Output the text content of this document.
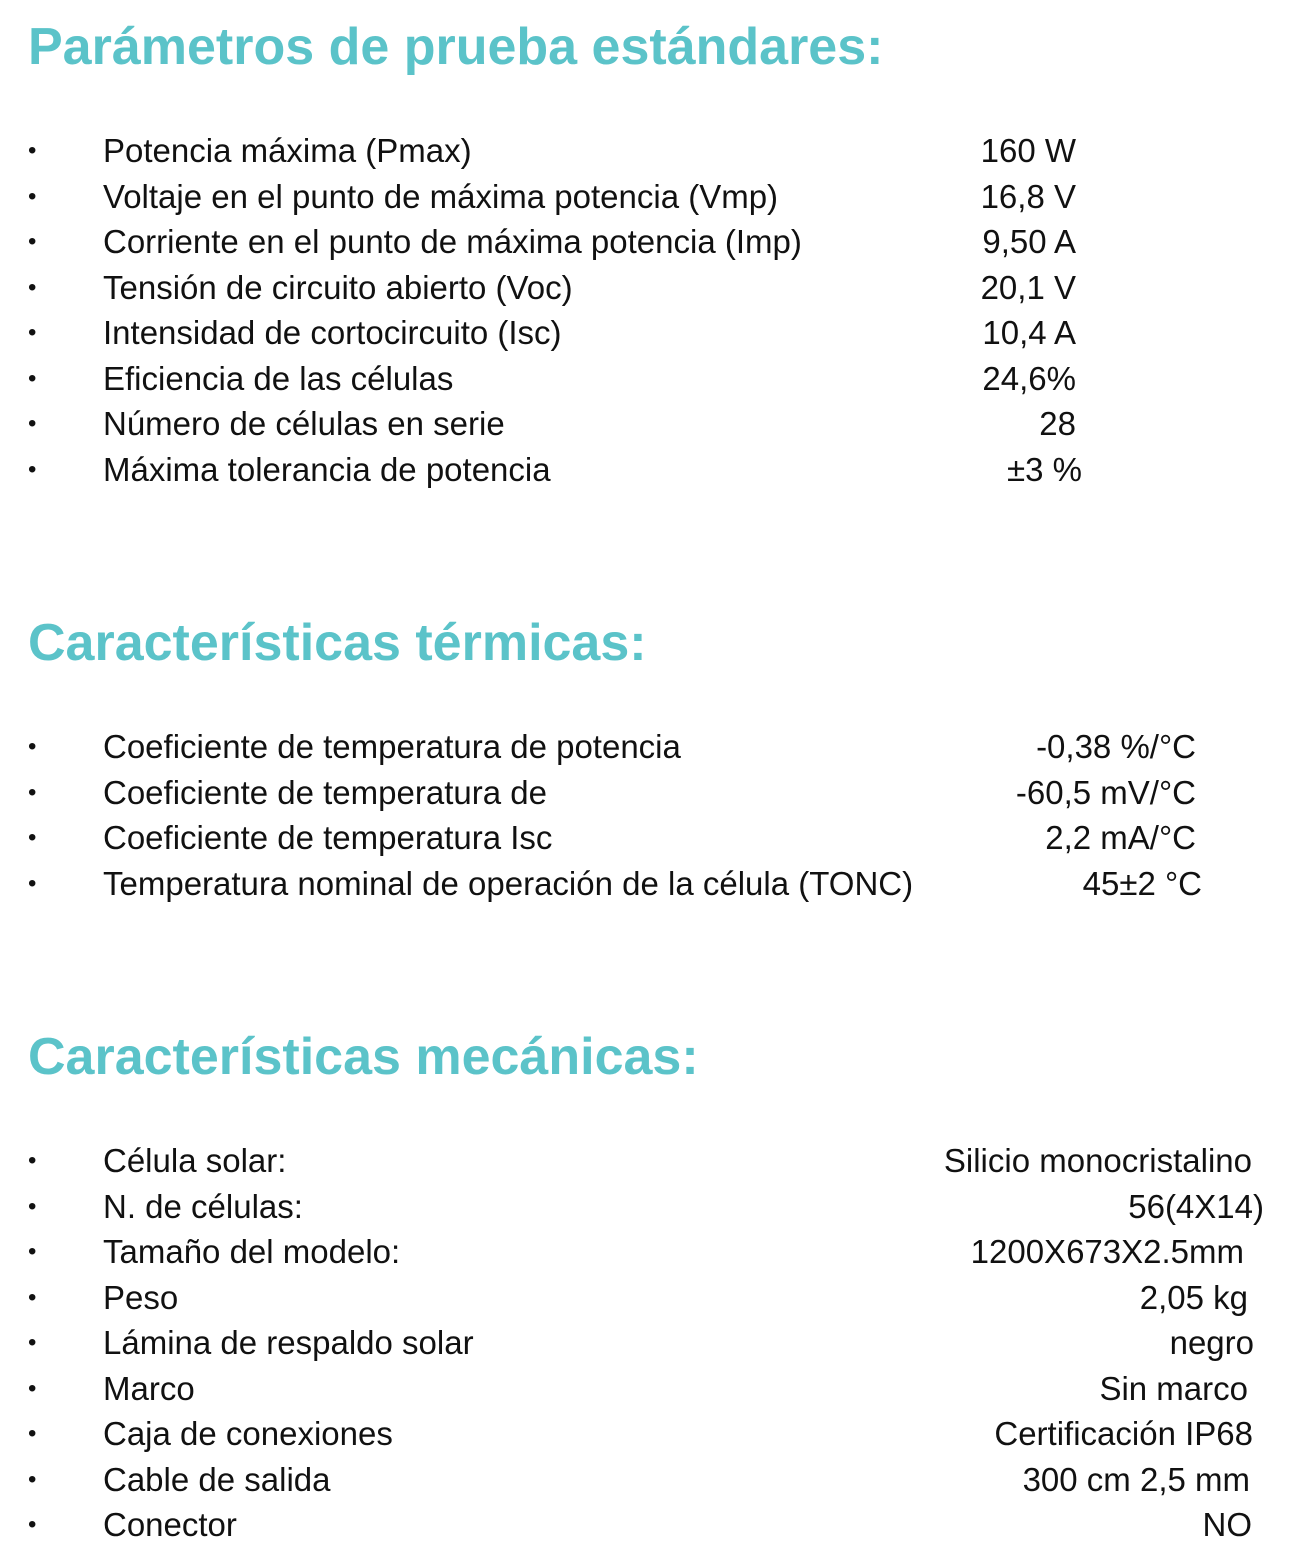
Parámetros de prueba estándares:
• Potencia máxima (Pmax)	160 W
• Voltaje en el punto de máxima potencia (Vmp)	16,8 V
• Corriente en el punto de máxima potencia (Imp)	9,50 A
• Tensión de circuito abierto (Voc)	20,1 V
• Intensidad de cortocircuito (Isc)	10,4 A
• Eficiencia de las células	24,6%
• Número de células en serie	28
• Máxima tolerancia de potencia	±3 %
Características térmicas:
• Coeficiente de temperatura de potencia	-0,38 %/°C
• Coeficiente de temperatura de	-60,5 mV/°C
• Coeficiente de temperatura Isc	2,2 mA/°C
• Temperatura nominal de operación de la célula (TONC)	45±2 °C
Características mecánicas:
• Célula solar:	Silicio monocristalino
• N. de células:	56(4X14)
• Tamaño del modelo:	1200X673X2.5mm
• Peso	2,05 kg
• Lámina de respaldo solar	negro
• Marco	Sin marco
• Caja de conexiones	Certificación IP68
• Cable de salida	300 cm 2,5 mm
• Conector	NO
